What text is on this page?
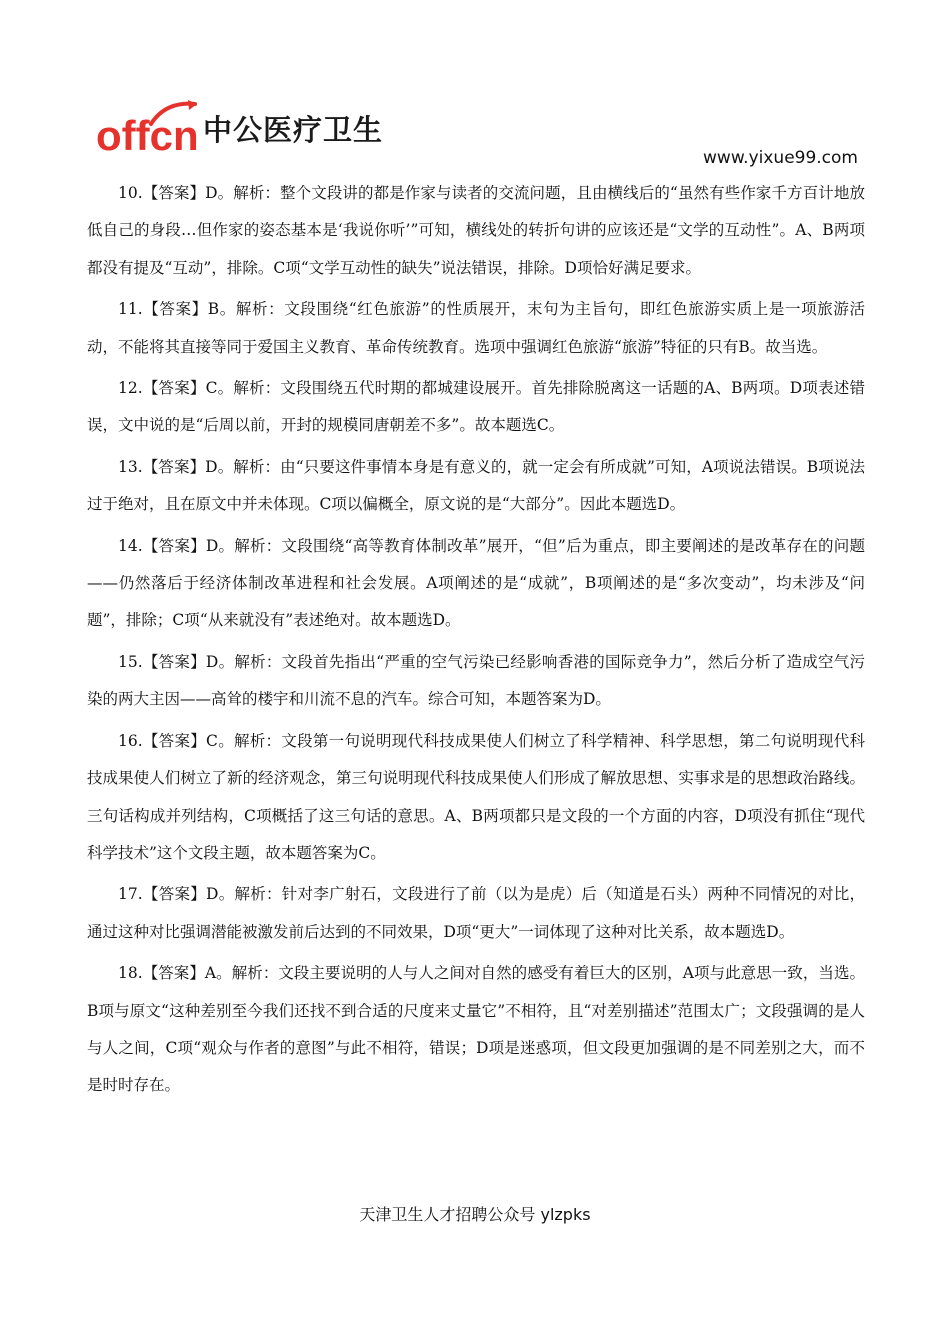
offcn 中公医疗卫生
www.yixue99.com

10.【答案】D。解析：整个文段讲的都是作家与读者的交流问题，且由横线后的“虽然有些作家千方百计地放低自己的身段…但作家的姿态基本是‘我说你听’”可知，横线处的转折句讲的应该还是“文学的互动性”。A、B两项都没有提及“互动”，排除。C项“文学互动性的缺失”说法错误，排除。D项恰好满足要求。

11.【答案】B。解析：文段围绕“红色旅游”的性质展开，末句为主旨句，即红色旅游实质上是一项旅游活动，不能将其直接等同于爱国主义教育、革命传统教育。选项中强调红色旅游“旅游”特征的只有B。故当选。

12.【答案】C。解析：文段围绕五代时期的都城建设展开。首先排除脱离这一话题的A、B两项。D项表述错误，文中说的是“后周以前，开封的规模同唐朝差不多”。故本题选C。

13.【答案】D。解析：由“只要这件事情本身是有意义的，就一定会有所成就”可知，A项说法错误。B项说法过于绝对，且在原文中并未体现。C项以偏概全，原文说的是“大部分”。因此本题选D。

14.【答案】D。解析：文段围绕“高等教育体制改革”展开，“但”后为重点，即主要阐述的是改革存在的问题——仍然落后于经济体制改革进程和社会发展。A项阐述的是“成就”，B项阐述的是“多次变动”，均未涉及“问题”，排除；C项“从来就没有”表述绝对。故本题选D。

15.【答案】D。解析：文段首先指出“严重的空气污染已经影响香港的国际竞争力”，然后分析了造成空气污染的两大主因——高耸的楼宇和川流不息的汽车。综合可知，本题答案为D。

16.【答案】C。解析：文段第一句说明现代科技成果使人们树立了科学精神、科学思想，第二句说明现代科技成果使人们树立了新的经济观念，第三句说明现代科技成果使人们形成了解放思想、实事求是的思想政治路线。三句话构成并列结构，C项概括了这三句话的意思。A、B两项都只是文段的一个方面的内容，D项没有抓住“现代科学技术”这个文段主题，故本题答案为C。

17.【答案】D。解析：针对李广射石，文段进行了前（以为是虎）后（知道是石头）两种不同情况的对比，通过这种对比强调潜能被激发前后达到的不同效果，D项“更大”一词体现了这种对比关系，故本题选D。

18.【答案】A。解析：文段主要说明的人与人之间对自然的感受有着巨大的区别，A项与此意思一致，当选。B项与原文“这种差别至今我们还找不到合适的尺度来丈量它”不相符，且“对差别描述”范围太广；文段强调的是人与人之间，C项“观众与作者的意图”与此不相符，错误；D项是迷惑项，但文段更加强调的是不同差别之大，而不是时时存在。

天津卫生人才招聘公众号 ylzpks
